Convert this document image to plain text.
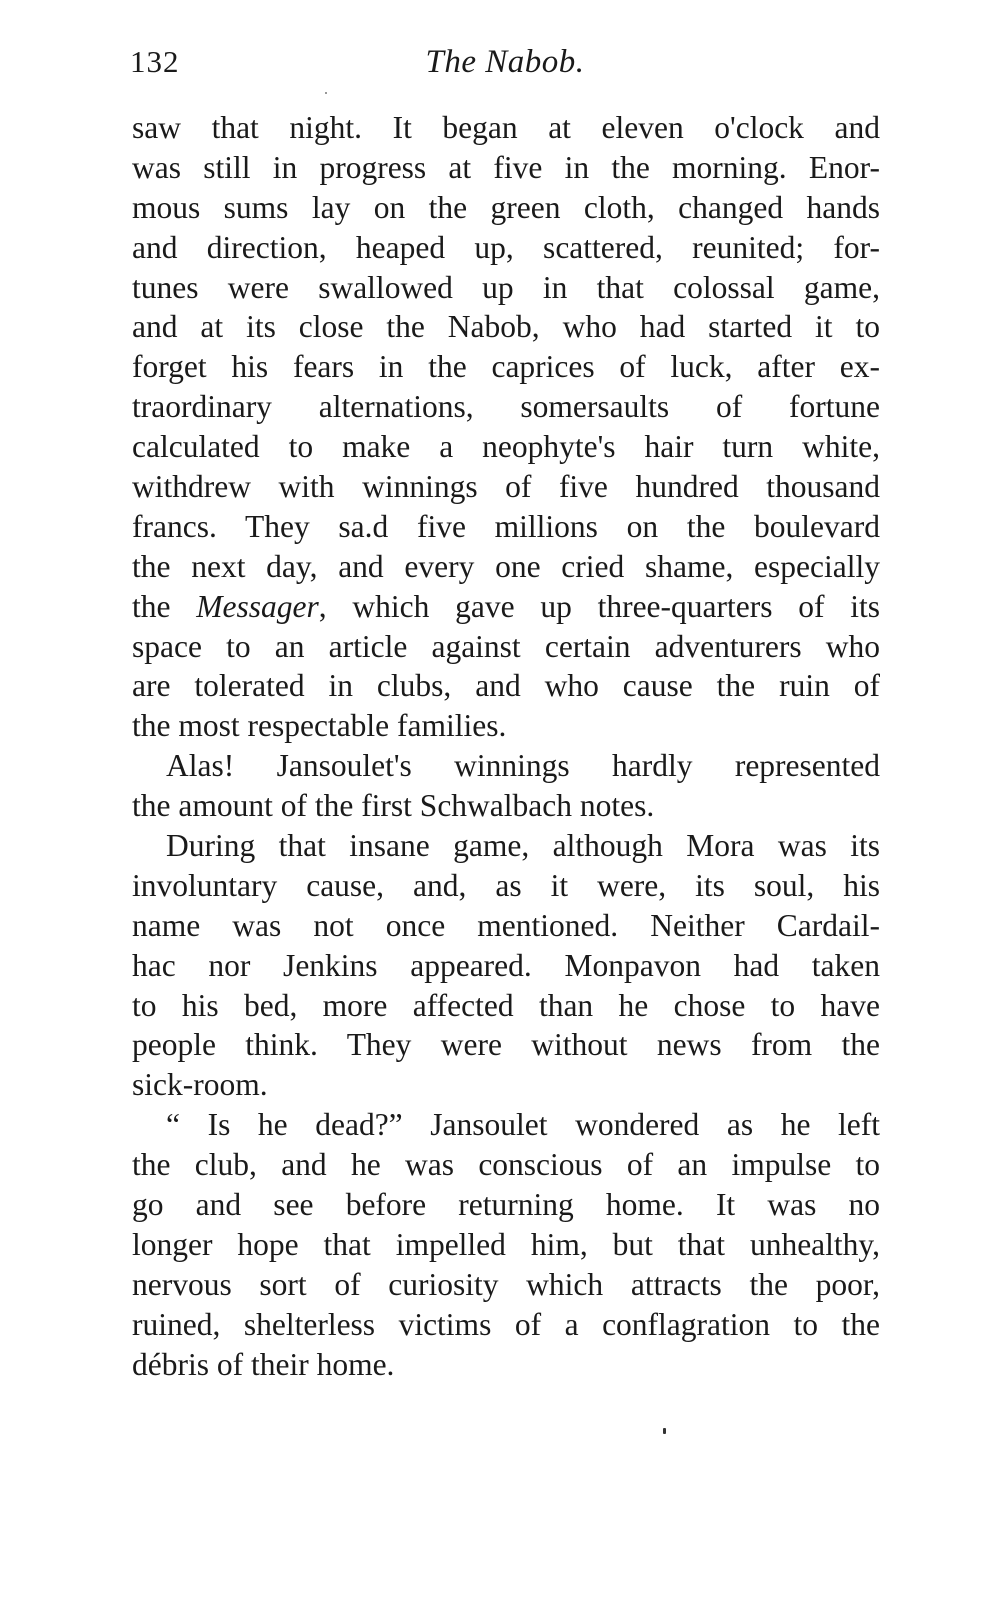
132	The Nabob.
saw that night. It began at eleven o'clock and
was still in progress at five in the morning. Enor-
mous sums lay on the green cloth, changed hands
and direction, heaped up, scattered, reunited; for-
tunes were swallowed up in that colossal game,
and at its close the Nabob, who had started it to
forget his fears in the caprices of luck, after ex-
traordinary alternations, somersaults of fortune
calculated to make a neophyte's hair turn white,
withdrew with winnings of five hundred thousand
francs. They sa.d five millions on the boulevard
the next day, and every one cried shame, especially
the Messager, which gave up three-quarters of its
space to an article against certain adventurers who
are tolerated in clubs, and who cause the ruin of
the most respectable families.
Alas! Jansoulet's winnings hardly represented
the amount of the first Schwalbach notes.
During that insane game, although Mora was its
involuntary cause, and, as it were, its soul, his
name was not once mentioned. Neither Cardail-
hac nor Jenkins appeared. Monpavon had taken
to his bed, more affected than he chose to have
people think. They were without news from the
sick-room.
“ Is he dead?” Jansoulet wondered as he left
the club, and he was conscious of an impulse to
go and see before returning home. It was no
longer hope that impelled him, but that unhealthy,
nervous sort of curiosity which attracts the poor,
ruined, shelterless victims of a conflagration to the
débris of their home.
